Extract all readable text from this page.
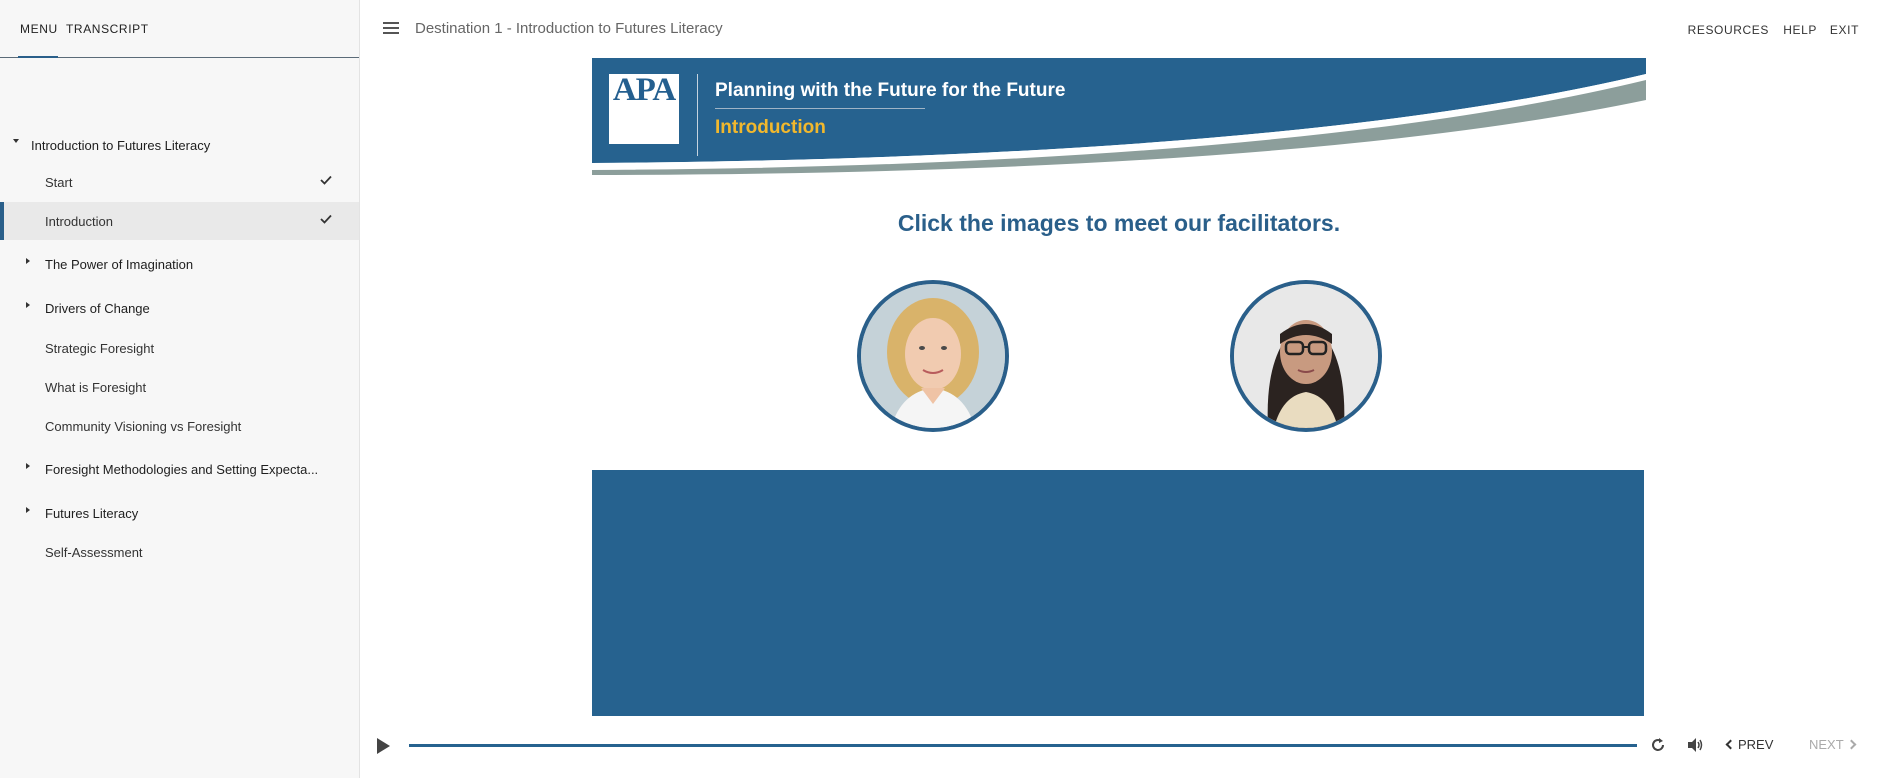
MENU TRANSCRIPT
Introduction to Futures Literacy
Start
Introduction
The Power of Imagination
Drivers of Change
Strategic Foresight
What is Foresight
Community Visioning vs Foresight
Foresight Methodologies and Setting Expecta...
Futures Literacy
Self-Assessment
Destination 1 - Introduction to Futures Literacy	RESOURCES HELP EXIT
APA Planning with the Future for the Future
Introduction
Click the images to meet our facilitators.
PREV	NEXT
